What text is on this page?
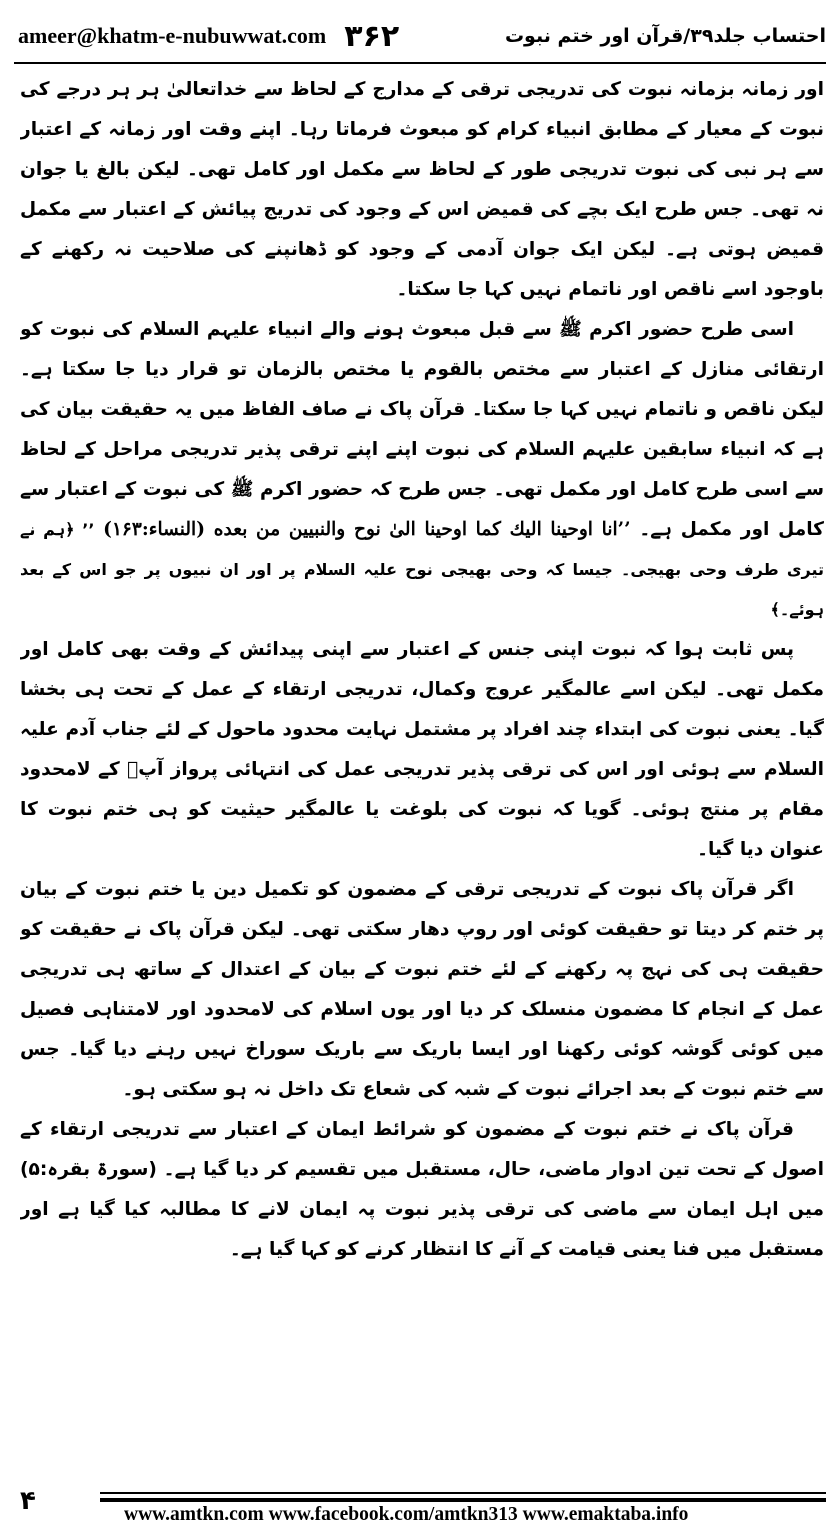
ameer@khatm-e-nubuwwat.com ۳۶۲	احتساب جلد۳۹/قرآن اور ختم نبوت

اور زمانہ بزمانہ نبوت کی تدریجی ترقی کے مدارج کے لحاظ سے خداتعالیٰ ہر ہر درجے کی نبوت کے معیار کے مطابق انبیاء کرام کو مبعوث فرماتا رہا۔ اپنے وقت اور زمانہ کے اعتبار سے ہر نبی کی نبوت تدریجی طور کے لحاظ سے مکمل اور کامل تھی۔ لیکن بالغ یا جوان نہ تھی۔ جس طرح ایک بچے کی قمیض اس کے وجود کی تدریج پیائش کے اعتبار سے مکمل قمیض ہوتی ہے۔ لیکن ایک جوان آدمی کے وجود کو ڈھانپنے کی صلاحیت نہ رکھنے کے باوجود اسے ناقص اور ناتمام نہیں کہا جا سکتا۔

اسی طرح حضور اکرم ﷺ سے قبل مبعوث ہونے والے انبیاء علیہم السلام کی نبوت کو ارتقائی منازل کے اعتبار سے مختص بالقوم یا مختص بالزمان تو قرار دیا جا سکتا ہے۔ لیکن ناقص و ناتمام نہیں کہا جا سکتا۔ قرآن پاک نے صاف الفاظ میں یہ حقیقت بیان کی ہے کہ انبیاء سابقین علیہم السلام کی نبوت اپنے اپنے ترقی پذیر تدریجی مراحل کے لحاظ سے اسی طرح کامل اور مکمل تھی۔ جس طرح کہ حضور اکرم ﷺ کی نبوت کے اعتبار سے کامل اور مکمل ہے۔ ’’انا اوحینا الیك كما اوحینا الیٰ نوح والنبیین من بعده (النساء:۱۶۳) ’’ ﴿ہم نے تیری طرف وحی بھیجی۔ جیسا کہ وحی بھیجی نوح علیہ السلام پر اور ان نبیوں پر جو اس کے بعد ہوئے۔﴾

پس ثابت ہوا کہ نبوت اپنی جنس کے اعتبار سے اپنی پیدائش کے وقت بھی کامل اور مکمل تھی۔ لیکن اسے عالمگیر عروج وکمال، تدریجی ارتقاء کے عمل کے تحت ہی بخشا گیا۔ یعنی نبوت کی ابتداء چند افراد پر مشتمل نہایت محدود ماحول کے لئے جناب آدم علیہ السلام سے ہوئی اور اس کی ترقی پذیر تدریجی عمل کی انتہائی پرواز آپؐ کے لامحدود مقام پر منتج ہوئی۔ گویا کہ نبوت کی بلوغت یا عالمگیر حیثیت کو ہی ختم نبوت کا عنوان دیا گیا۔

اگر قرآن پاک نبوت کے تدریجی ترقی کے مضمون کو تکمیل دین یا ختم نبوت کے بیان پر ختم کر دیتا تو حقیقت کوئی اور روپ دھار سکتی تھی۔ لیکن قرآن پاک نے حقیقت کو حقیقت ہی کی نہج پہ رکھنے کے لئے ختم نبوت کے بیان کے اعتدال کے ساتھ ہی تدریجی عمل کے انجام کا مضمون منسلک کر دیا اور یوں اسلام کی لامحدود اور لامتناہی فصیل میں کوئی گوشہ کوئی رکھنا اور ایسا باریک سے باریک سوراخ نہیں رہنے دیا گیا۔ جس سے ختم نبوت کے بعد اجرائے نبوت کے شبہ کی شعاع تک داخل نہ ہو سکتی ہو۔

قرآن پاک نے ختم نبوت کے مضمون کو شرائط ایمان کے اعتبار سے تدریجی ارتقاء کے اصول کے تحت تین ادوار ماضی، حال، مستقبل میں تقسیم کر دیا گیا ہے۔ (سورۃ بقرہ:۵) میں اہل ایمان سے ماضی کی ترقی پذیر نبوت پہ ایمان لانے کا مطالبہ کیا گیا ہے اور مستقبل میں فنا یعنی قیامت کے آنے کا انتظار کرنے کو کہا گیا ہے۔

۴	www.amtkn.com www.facebook.com/amtkn313 www.emaktaba.info
